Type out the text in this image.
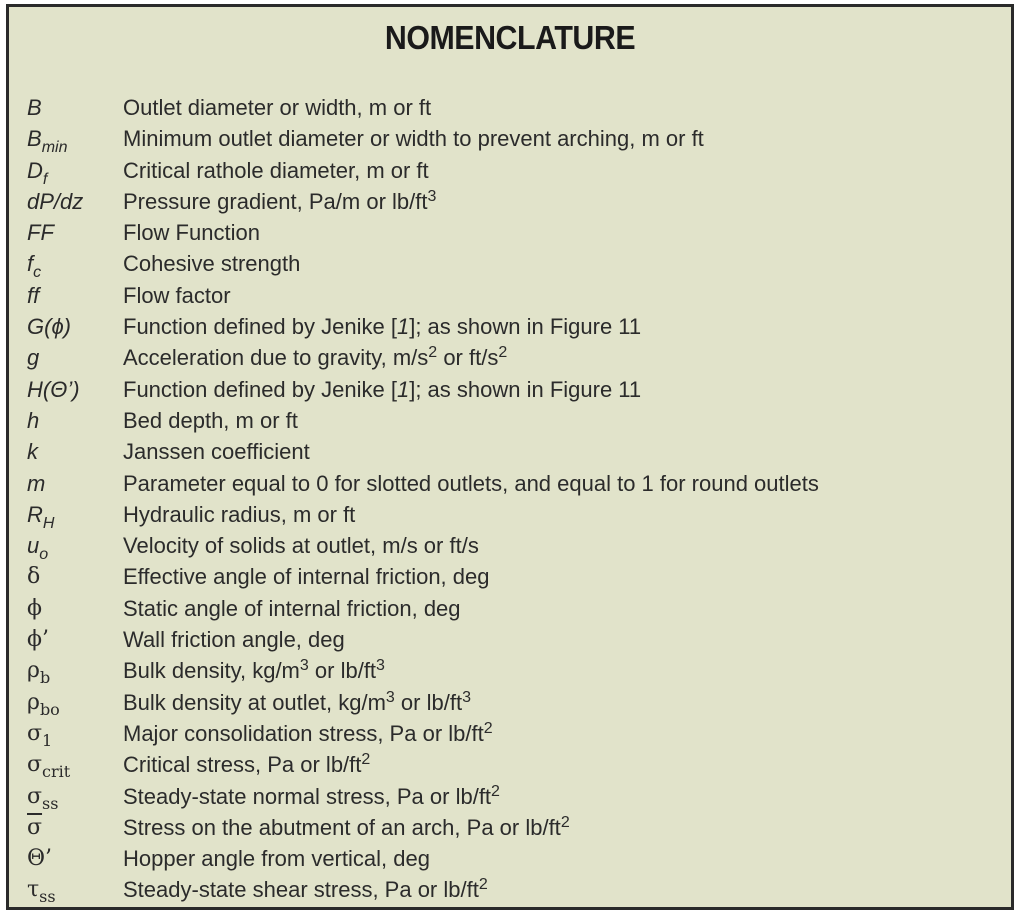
NOMENCLATURE
B	Outlet diameter or width, m or ft
$B_{min}$	Minimum outlet diameter or width to prevent arching, m or ft
$D_f$	Critical rathole diameter, m or ft
dP/dz	Pressure gradient, Pa/m or $lb/ft^3$
FF	Flow Function
$f_c$	Cohesive strength
ff	Flow factor
G(ϕ)	Function defined by Jenike [1]; as shown in Figure 11
g	Acceleration due to gravity, $m/s^2$ or $ft/s^2$
H(Θ’)	Function defined by Jenike [1]; as shown in Figure 11
h	Bed depth, m or ft
k	Janssen coefficient
m	Parameter equal to 0 for slotted outlets, and equal to 1 for round outlets
$R_H$	Hydraulic radius, m or ft
$u_o$	Velocity of solids at outlet, m/s or ft/s
δ	Effective angle of internal friction, deg
ϕ	Static angle of internal friction, deg
ϕ’	Wall friction angle, deg
$\rho_b$	Bulk density, $kg/m^3$ or $lb/ft^3$
$\rho_{bo}$	Bulk density at outlet, $kg/m^3$ or $lb/ft^3$
$\sigma_1$	Major consolidation stress, Pa or $lb/ft^2$
$\sigma_{crit}$	Critical stress, Pa or $lb/ft^2$
$\sigma_{ss}$	Steady-state normal stress, Pa or $lb/ft^2$
$\overline{\sigma}$	Stress on the abutment of an arch, Pa or $lb/ft^2$
Θ’	Hopper angle from vertical, deg
$\tau_{ss}$	Steady-state shear stress, Pa or $lb/ft^2$
